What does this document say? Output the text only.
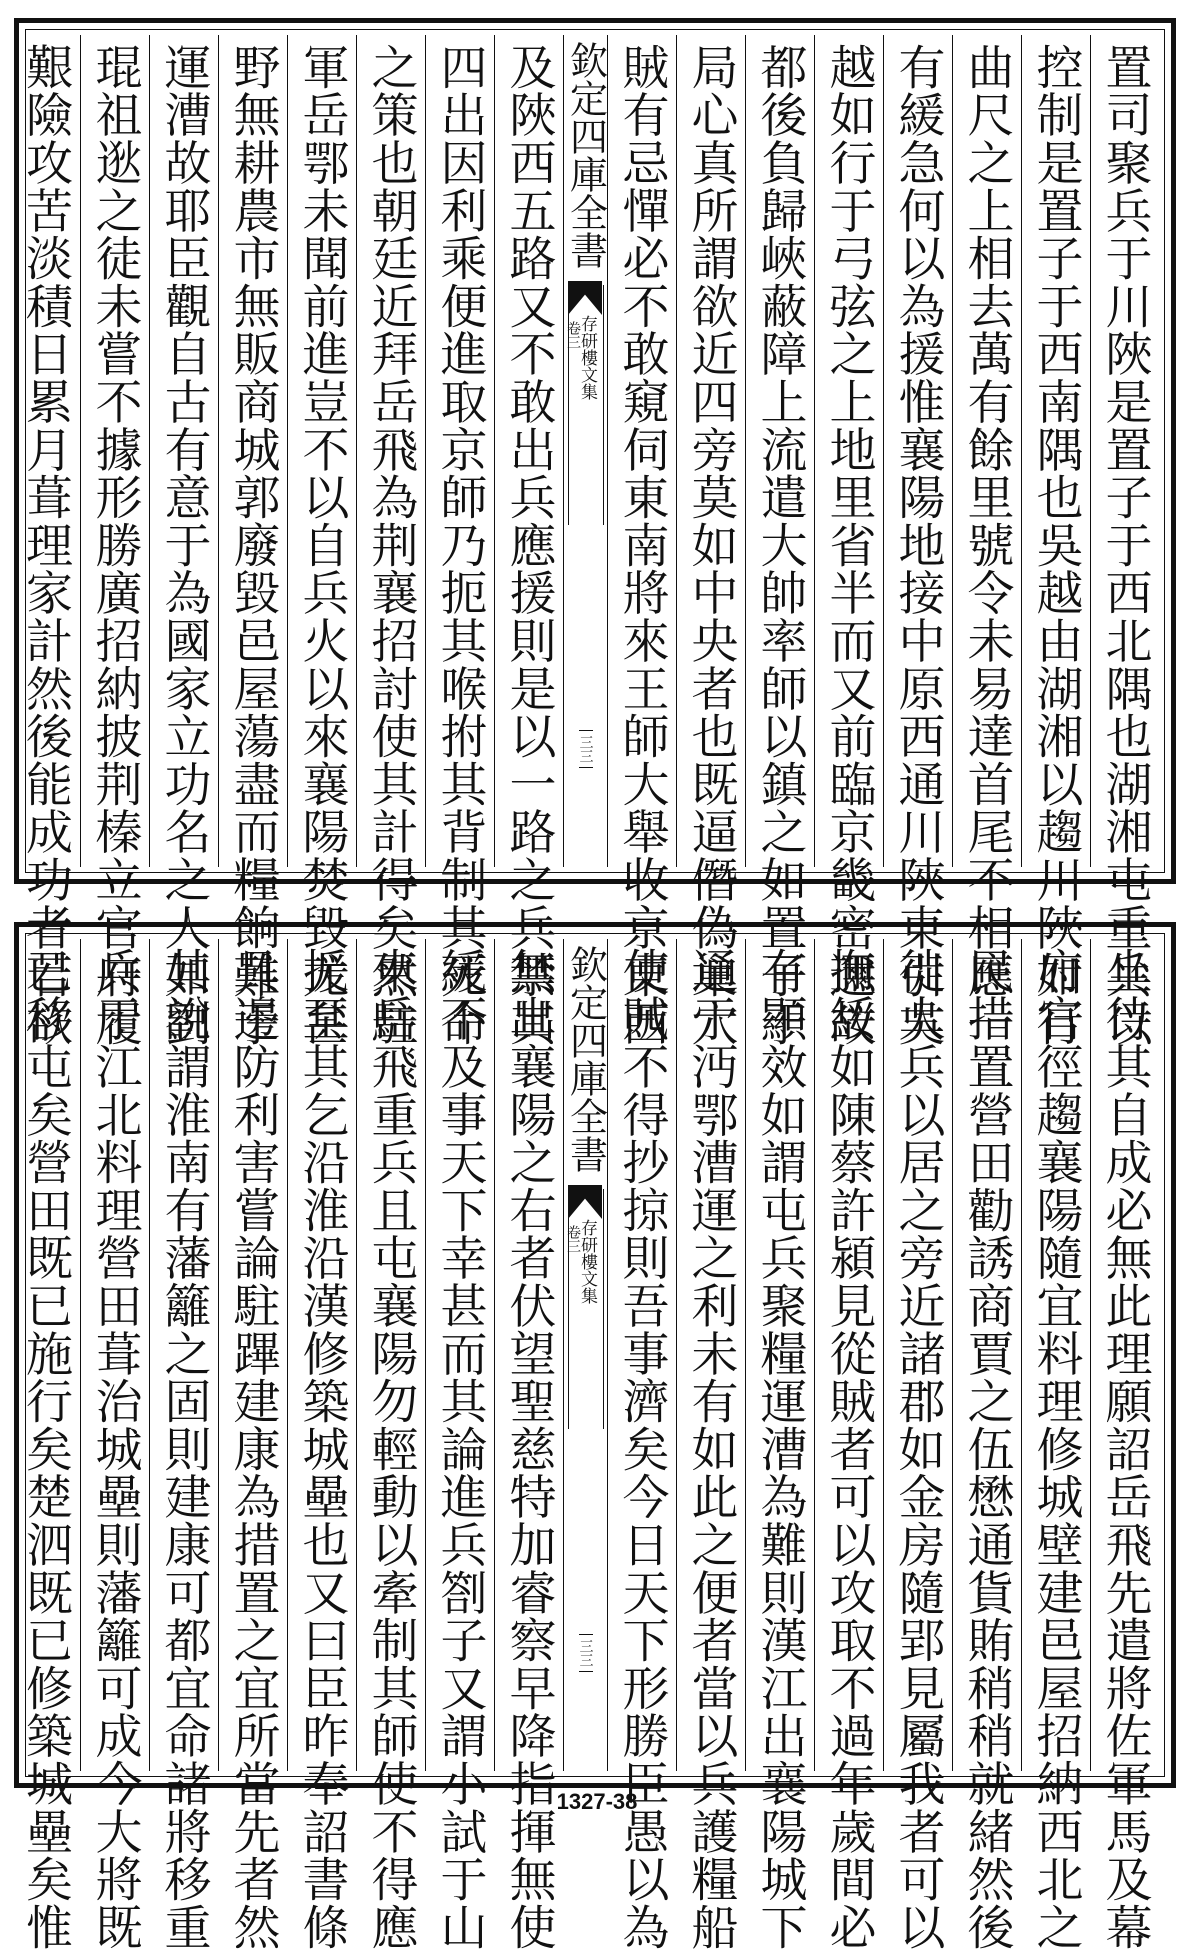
置司聚兵于川陜是置子于西北隅也湖湘屯重兵以
控制是置子于西南隅也吳越由湖湘以趨川陜如行
曲尺之上相去萬有餘里號令未易達首尾不相應一
有緩急何以為援惟襄陽地接中原西通川陜東引吳
越如行于弓弦之上地里省半而又前臨京畿密邇故
都後負歸峽蔽障上流遣大帥率師以鎮之如置子于
局心真所謂欲近四旁莫如中央者也既逼僭偽巢穴
賊有忌憚必不敢窺伺東南將來王師大舉收京東西
欽定四庫全書
存研樓文集
卷三
三三
及陜西五路又不敢出兵應援則是以一路之兵禁其
四出因利乘便進取京師乃扼其喉拊其背制其死命
之策也朝廷近拜岳飛為荆襄招討使其計得矣然駐
軍岳鄂未聞前進豈不以自兵火以來襄陽焚毀尤甚
野無耕農市無販商城郭廢毀邑屋蕩盡而糧餉難于
運漕故耶臣觀自古有意于為國家立功名之人如劉
琨祖逖之徒未嘗不據形勝廣招納披荆榛立官府履
艱險攻苦淡積日累月葺理家計然後能成功者若欲
坐待其自成必無此理願詔岳飛先遣將佐軍馬及幕
府官徑趨襄陽隨宜料理修城壁建邑屋招納西北之
民措置營田勸誘商賈之伍懋通貨賄稍稍就緒然後
徙大兵以居之旁近諸郡如金房隨郢見屬我者可以
撫綏如陳蔡許潁見從賊者可以攻取不過年歲間必
有顯效如謂屯兵聚糧運漕為難則漢江出襄陽城下
通于沔鄂漕運之利未有如此之便者當以兵護糧船
使賊不得抄掠則吾事濟矣今日天下形勝臣愚以為
欽定四庫全書
存研樓文集
卷三
三三
無出襄陽之右者伏望聖慈特加睿察早降指揮無使
緩不及事天下幸甚而其論進兵劄子又謂小試于山
東岳飛重兵且屯襄陽勿輕動以牽制其師使不得應
援至其乞沿淮沿漢修築城壘也又曰臣昨奉詔書條
具邊防利害嘗論駐蹕建康為措置之宜所當先者然
其說謂淮南有藩籬之固則建康可都宜命諸將移重
兵于江北料理營田葺治城壘則藩籬可成今大將既
已移屯矣營田既已施行矣楚泗既已修築城壘矣惟	1327-38
